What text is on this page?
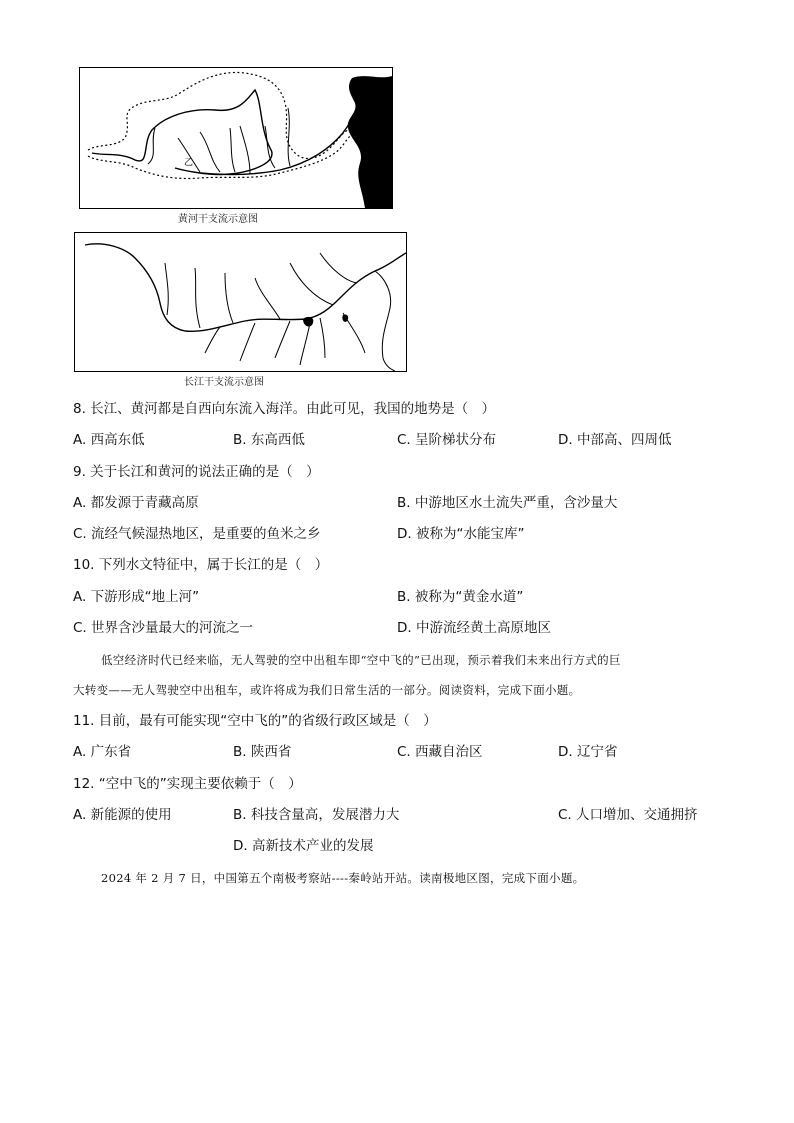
乙
黄河干支流示意图
长江干支流示意图
8. 长江、黄河都是自西向东流入海洋。由此可见，我国的地势是（　）
A. 西高东低	B. 东高西低	C. 呈阶梯状分布	D. 中部高、四周低
9. 关于长江和黄河的说法正确的是（　）
A. 都发源于青藏高原	B. 中游地区水土流失严重，含沙量大
C. 流经气候湿热地区，是重要的鱼米之乡	D. 被称为“水能宝库”
10. 下列水文特征中，属于长江的是（　）
A. 下游形成“地上河”	B. 被称为“黄金水道”
C. 世界含沙量最大的河流之一	D. 中游流经黄土高原地区
低空经济时代已经来临，无人驾驶的空中出租车即“空中飞的”已出现，预示着我们未来出行方式的巨
大转变——无人驾驶空中出租车，或许将成为我们日常生活的一部分。阅读资料，完成下面小题。
11. 目前，最有可能实现“空中飞的”的省级行政区域是（　）
A. 广东省	B. 陕西省	C. 西藏自治区	D. 辽宁省
12. “空中飞的”实现主要依赖于（　）
A. 新能源的使用	B. 科技含量高，发展潜力大	C. 人口增加、交通拥挤
D. 高新技术产业的发展
2024 年 2 月 7 日，中国第五个南极考察站----秦岭站开站。读南极地区图，完成下面小题。
